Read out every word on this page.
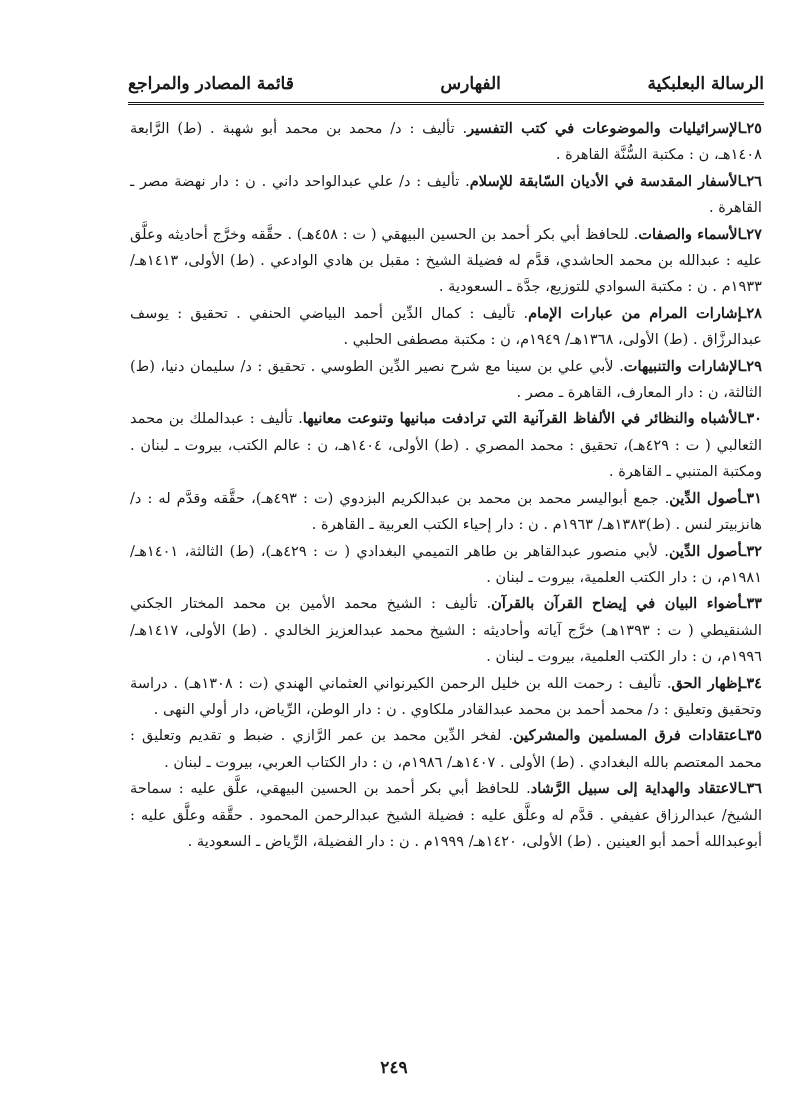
الرسالة البعلبكية
الفهارس
قائمة المصادر والمراجع

٢٥ـالإسرائيليات والموضوعات في كتب التفسير. تأليف : د/ محمد بن محمد أبو شهبة . (ط) الرَّابعة ١٤٠٨هـ، ن : مكتبة السُّنَّة القاهرة .

٢٦ـالأسفار المقدسة في الأديان السّابقة للإسلام. تأليف : د/ علي عبدالواحد داني . ن : دار نهضة مصر ـ القاهرة .

٢٧ـالأسماء والصفات. للحافظ أبي بكر أحمد بن الحسين البيهقي ( ت : ٤٥٨هـ) . حقَّقه وخرَّج أحاديثه وعلَّق عليه : عبدالله بن محمد الحاشدي، قدَّم له فضيلة الشيخ : مقبل بن هادي الوادعي . (ط) الأولى، ١٤١٣هـ/ ١٩٣٣م . ن : مكتبة السوادي للتوزيع، جدَّة ـ السعودية .

٢٨ـإشارات المرام من عبارات الإمام. تأليف : كمال الدِّين أحمد البياضي الحنفي . تحقيق : يوسف عبدالرزَّاق . (ط) الأولى، ١٣٦٨هـ/ ١٩٤٩م، ن : مكتبة مصطفى الحلبي .

٢٩ـالإشارات والتنبيهات. لأبي علي بن سينا مع شرح نصير الدِّين الطوسي . تحقيق : د/ سليمان دنيا، (ط) الثالثة، ن : دار المعارف، القاهرة ـ مصر .

٣٠ـالأشباه والنظائر في الألفاظ القرآنية التي ترادفت مبانيها وتنوعت معانيها. تأليف : عبدالملك بن محمد الثعالبي ( ت : ٤٢٩هـ)، تحقيق : محمد المصري . (ط) الأولى، ١٤٠٤هـ، ن : عالم الكتب، بيروت ـ لبنان . ومكتبة المتنبي ـ القاهرة .

٣١ـأصول الدِّين. جمع أبواليسر محمد بن محمد بن عبدالكريم البزدوي (ت : ٤٩٣هـ)، حقَّقه وقدَّم له : د/ هانزبيتر لنس . (ط)١٣٨٣هـ/ ١٩٦٣م . ن : دار إحياء الكتب العربية ـ القاهرة .

٣٢ـأصول الدِّين. لأبي منصور عبدالقاهر بن طاهر التميمي البغدادي ( ت : ٤٢٩هـ)، (ط) الثالثة، ١٤٠١هـ/ ١٩٨١م، ن : دار الكتب العلمية، بيروت ـ لبنان .

٣٣ـأضواء البيان في إيضاح القرآن بالقرآن. تأليف : الشيخ محمد الأمين بن محمد المختار الجكني الشنقيطي ( ت : ١٣٩٣هـ) خرَّج آياته وأحاديثه : الشيخ محمد عبدالعزيز الخالدي . (ط) الأولى، ١٤١٧هـ/ ١٩٩٦م، ن : دار الكتب العلمية، بيروت ـ لبنان .

٣٤ـإظهار الحق. تأليف : رحمت الله بن خليل الرحمن الكيرنواني العثماني الهندي (ت : ١٣٠٨هـ) . دراسة وتحقيق وتعليق : د/ محمد أحمد بن محمد عبدالقادر ملكاوي . ن : دار الوطن، الرِّياض، دار أولي النهى .

٣٥ـاعتقادات فرق المسلمين والمشركين. لفخر الدِّين محمد بن عمر الرَّازي . ضبط و تقديم وتعليق : محمد المعتصم بالله البغدادي . (ط) الأولى . ١٤٠٧هـ/ ١٩٨٦م، ن : دار الكتاب العربي، بيروت ـ لبنان .

٣٦ـالاعتقاد والهداية إلى سبيل الرَّشاد. للحافظ أبي بكر أحمد بن الحسين البيهقي، علَّق عليه : سماحة الشيخ/ عبدالرزاق عفيفي . قدَّم له وعلَّق عليه : فضيلة الشيخ عبدالرحمن المحمود . حقَّقه وعلَّق عليه : أبوعبدالله أحمد أبو العينين . (ط) الأولى، ١٤٢٠هـ/ ١٩٩٩م . ن : دار الفضيلة، الرِّياض ـ السعودية .

٢٤٩
